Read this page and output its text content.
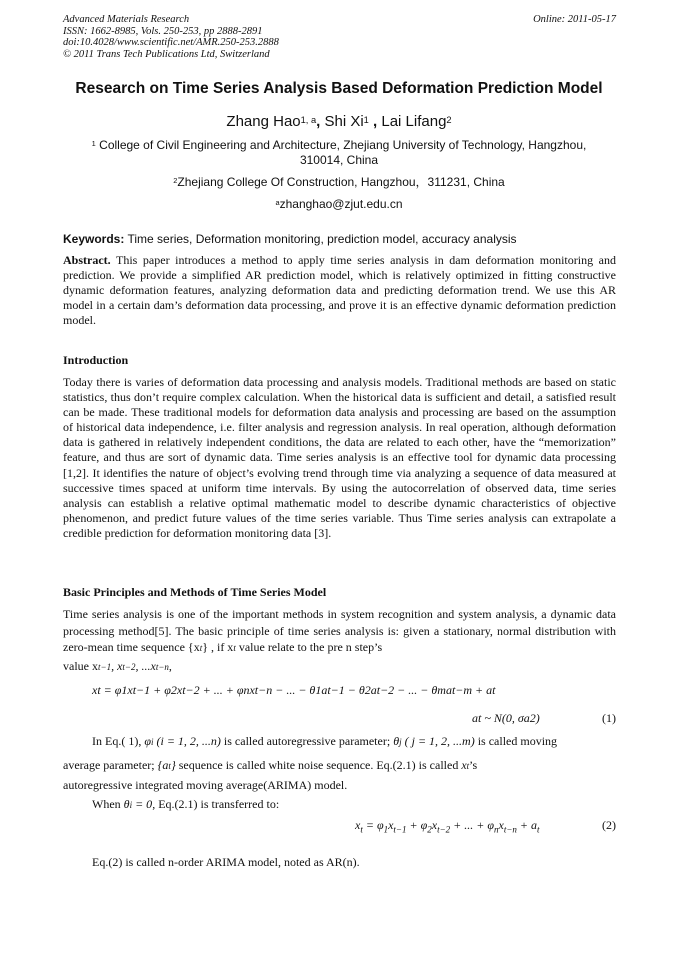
Advanced Materials Research
ISSN: 1662-8985, Vols. 250-253, pp 2888-2891
doi:10.4028/www.scientific.net/AMR.250-253.2888
© 2011 Trans Tech Publications Ltd, Switzerland
Online: 2011-05-17
Research on Time Series Analysis Based Deformation Prediction Model
Zhang Hao$^{1, a}$, Shi Xi$^1$ , Lai Lifang$^2$
$^1$ College of Civil Engineering and Architecture, Zhejiang University of Technology, Hangzhou, 310014, China
$^2$Zhejiang College Of Construction, Hangzhou，311231, China
$^a$zhanghao@zjut.edu.cn
Keywords: Time series, Deformation monitoring, prediction model, accuracy analysis
Abstract. This paper introduces a method to apply time series analysis in dam deformation monitoring and prediction. We provide a simplified AR prediction model, which is relatively optimized in fitting constructive dynamic deformation features, analyzing deformation data and predicting deformation trend. We use this AR model in a certain dam’s deformation data processing, and prove it is an effective dynamic deformation prediction model.
Introduction
Today there is varies of deformation data processing and analysis models. Traditional methods are based on static statistics, thus don’t require complex calculation. When the historical data is sufficient and detail, a satisfied result can be made. These traditional models for deformation data analysis and processing are based on the assumption of historical data independence, i.e. filter analysis and regression analysis. In real operation, although deformation data is gathered in relatively independent conditions, the data are related to each other, have the “memorization” feature, and thus are sort of dynamic data. Time series analysis is an effective tool for dynamic data processing [1,2]. It identifies the nature of object’s evolving trend through time via analyzing a sequence of data measured at successive times spaced at uniform time intervals. By using the autocorrelation of observed data, time series analysis can establish a relative optimal mathematic model to describe dynamic characteristics of objective phenomenon, and predict future values of the time series variable. Thus Time series analysis can extrapolate a credible prediction for deformation monitoring data [3].
Basic Principles and Methods of Time Series Model
Time series analysis is one of the important methods in system recognition and system analysis, a dynamic data processing method[5]. The basic principle of time series analysis is: given a stationary, normal distribution with zero-mean time sequence {xt} , if xt value relate to the pre n step’s
value xt−1, xt−2, ...xt−n,
xt = φ1xt−1 + φ2xt−2 + ... + φnxt−n − ... − θ1at−1 − θ2at−2 − ... − θmat−m + at
at ~ N(0, σa2)	(1)
In Eq.( 1), φi (i = 1, 2, ...n) is called autoregressive parameter; θj ( j = 1, 2, ...m) is called moving
average parameter; {at} sequence is called white noise sequence. Eq.(2.1) is called xt’s
autoregressive integrated moving average(ARIMA) model.
When θi = 0, Eq.(2.1) is transferred to:
$x_t = \varphi_1x_{t-1} + \varphi_2x_{t-2}$ + ... + $\varphi_nx_{t-n} + a_t$	(2)
Eq.(2) is called n-order ARIMA model, noted as AR(n).
